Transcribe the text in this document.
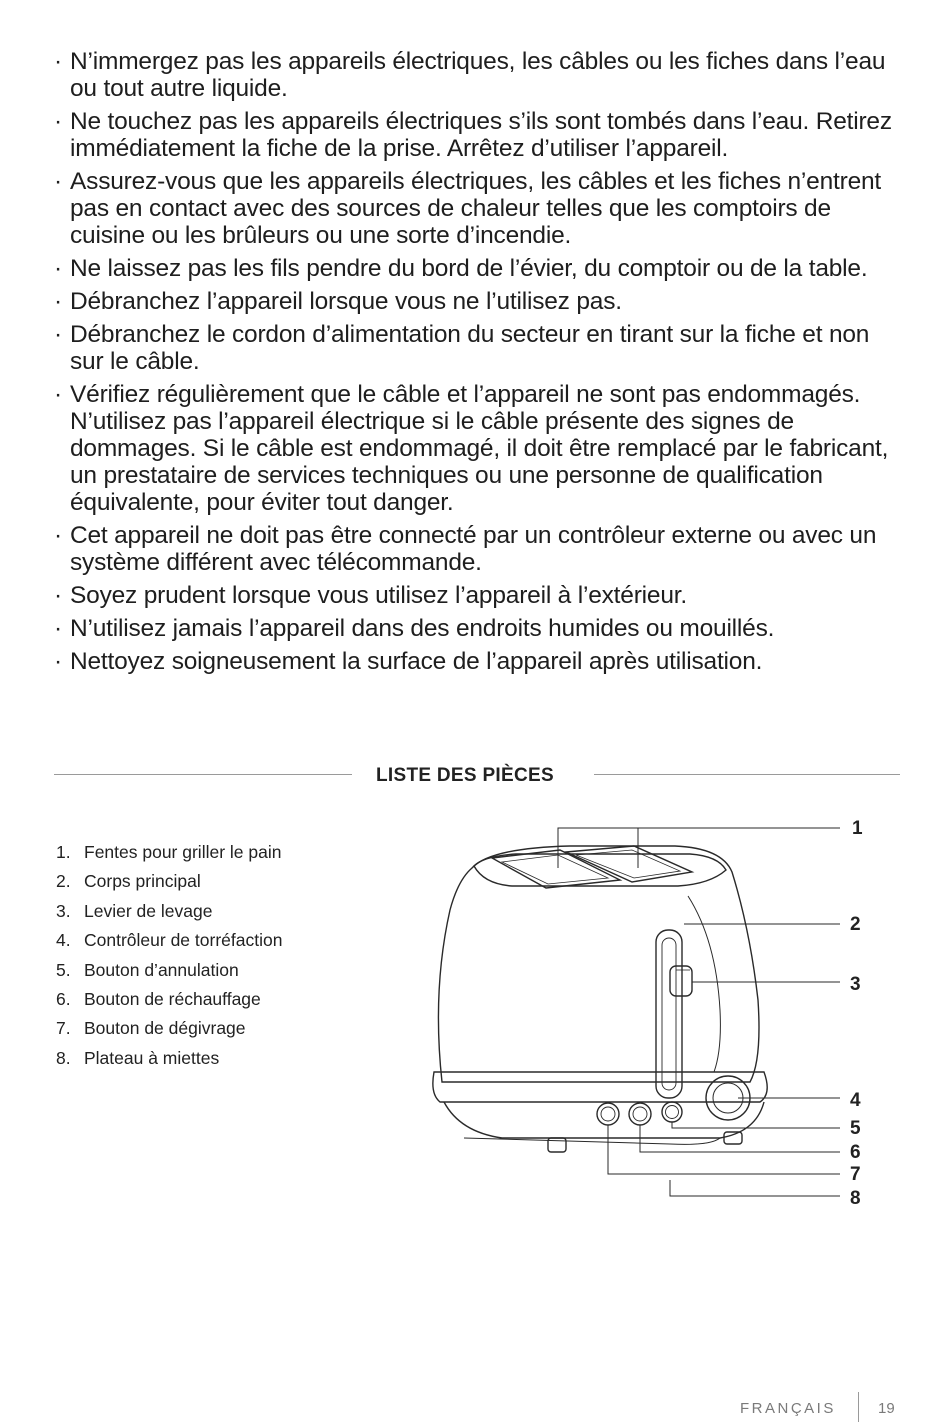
· N’immergez pas les appareils électriques, les câbles ou les fiches dans l’eau ou tout autre liquide.
· Ne touchez pas les appareils électriques s’ils sont tombés dans l’eau. Retirez immédiatement la fiche de la prise. Arrêtez d’utiliser l’appareil.
· Assurez-vous que les appareils électriques, les câbles et les fiches n’entrent pas en contact avec des sources de chaleur telles que les comptoirs de cuisine ou les brûleurs ou une sorte d’incendie.
· Ne laissez pas les fils pendre du bord de l’évier, du comptoir ou de la table.
· Débranchez l’appareil lorsque vous ne l’utilisez pas.
· Débranchez le cordon d’alimentation du secteur en tirant sur la fiche et non sur le câble.
· Vérifiez régulièrement que le câble et l’appareil ne sont pas endommagés. N’utilisez pas l’appareil électrique si le câble présente des signes de dommages. Si le câble est endommagé, il doit être remplacé par le fabricant, un prestataire de services techniques ou une personne de qualification équivalente, pour éviter tout danger.
· Cet appareil ne doit pas être connecté par un contrôleur externe ou avec un système différent avec télécommande.
· Soyez prudent lorsque vous utilisez l’appareil à l’extérieur.
· N’utilisez jamais l’appareil dans des endroits humides ou mouillés.
· Nettoyez soigneusement la surface de l’appareil après utilisation.
LISTE DES PIÈCES
1. Fentes pour griller le pain
2. Corps principal
3. Levier de levage
4. Contrôleur de torréfaction
5. Bouton d’annulation
6. Bouton de réchauffage
7. Bouton de dégivrage
8. Plateau à miettes
1
2
3
4
5
6
7
8
FRANÇAIS	19
